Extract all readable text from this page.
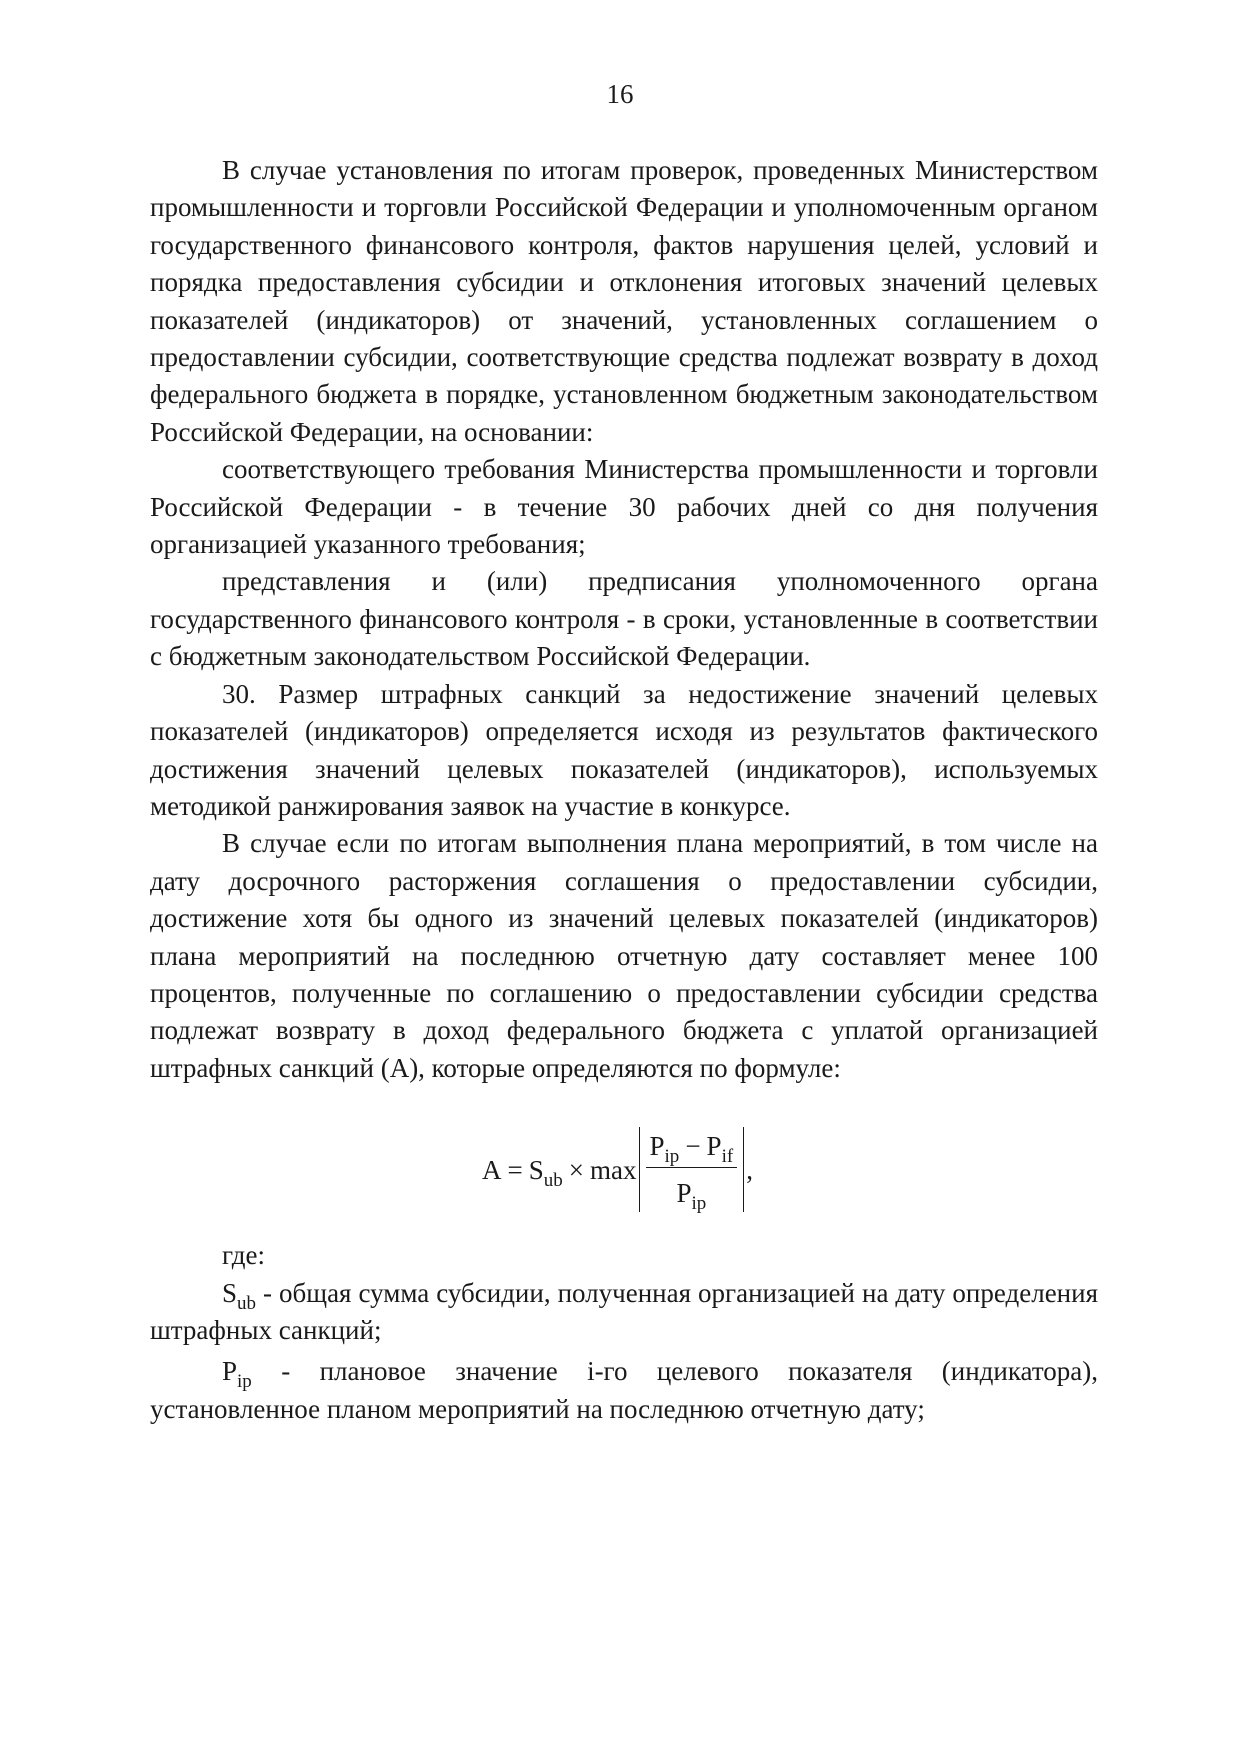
16

В случае установления по итогам проверок, проведенных Министерством промышленности и торговли Российской Федерации и уполномоченным органом государственного финансового контроля, фактов нарушения целей, условий и порядка предоставления субсидии и отклонения итоговых значений целевых показателей (индикаторов) от значений, установленных соглашением о предоставлении субсидии, соответствующие средства подлежат возврату в доход федерального бюджета в порядке, установленном бюджетным законодательством Российской Федерации, на основании:

соответствующего требования Министерства промышленности и торговли Российской Федерации - в течение 30 рабочих дней со дня получения организацией указанного требования;

представления и (или) предписания уполномоченного органа государственного финансового контроля - в сроки, установленные в соответствии с бюджетным законодательством Российской Федерации.

30. Размер штрафных санкций за недостижение значений целевых показателей (индикаторов) определяется исходя из результатов фактического достижения значений целевых показателей (индикаторов), используемых методикой ранжирования заявок на участие в конкурсе.

В случае если по итогам выполнения плана мероприятий, в том числе на дату досрочного расторжения соглашения о предоставлении субсидии, достижение хотя бы одного из значений целевых показателей (индикаторов) плана мероприятий на последнюю отчетную дату составляет менее 100 процентов, полученные по соглашению о предоставлении субсидии средства подлежат возврату в доход федерального бюджета с уплатой организацией штрафных санкций (А), которые определяются по формуле:

$A = S_{ub} \times \max \frac{P_{ip} - P_{if}}{P_{ip}}$ ,

где:

$S_{ub}$ - общая сумма субсидии, полученная организацией на дату определения штрафных санкций;

$P_{ip}$ - плановое значение i-го целевого показателя (индикатора), установленное планом мероприятий на последнюю отчетную дату;
